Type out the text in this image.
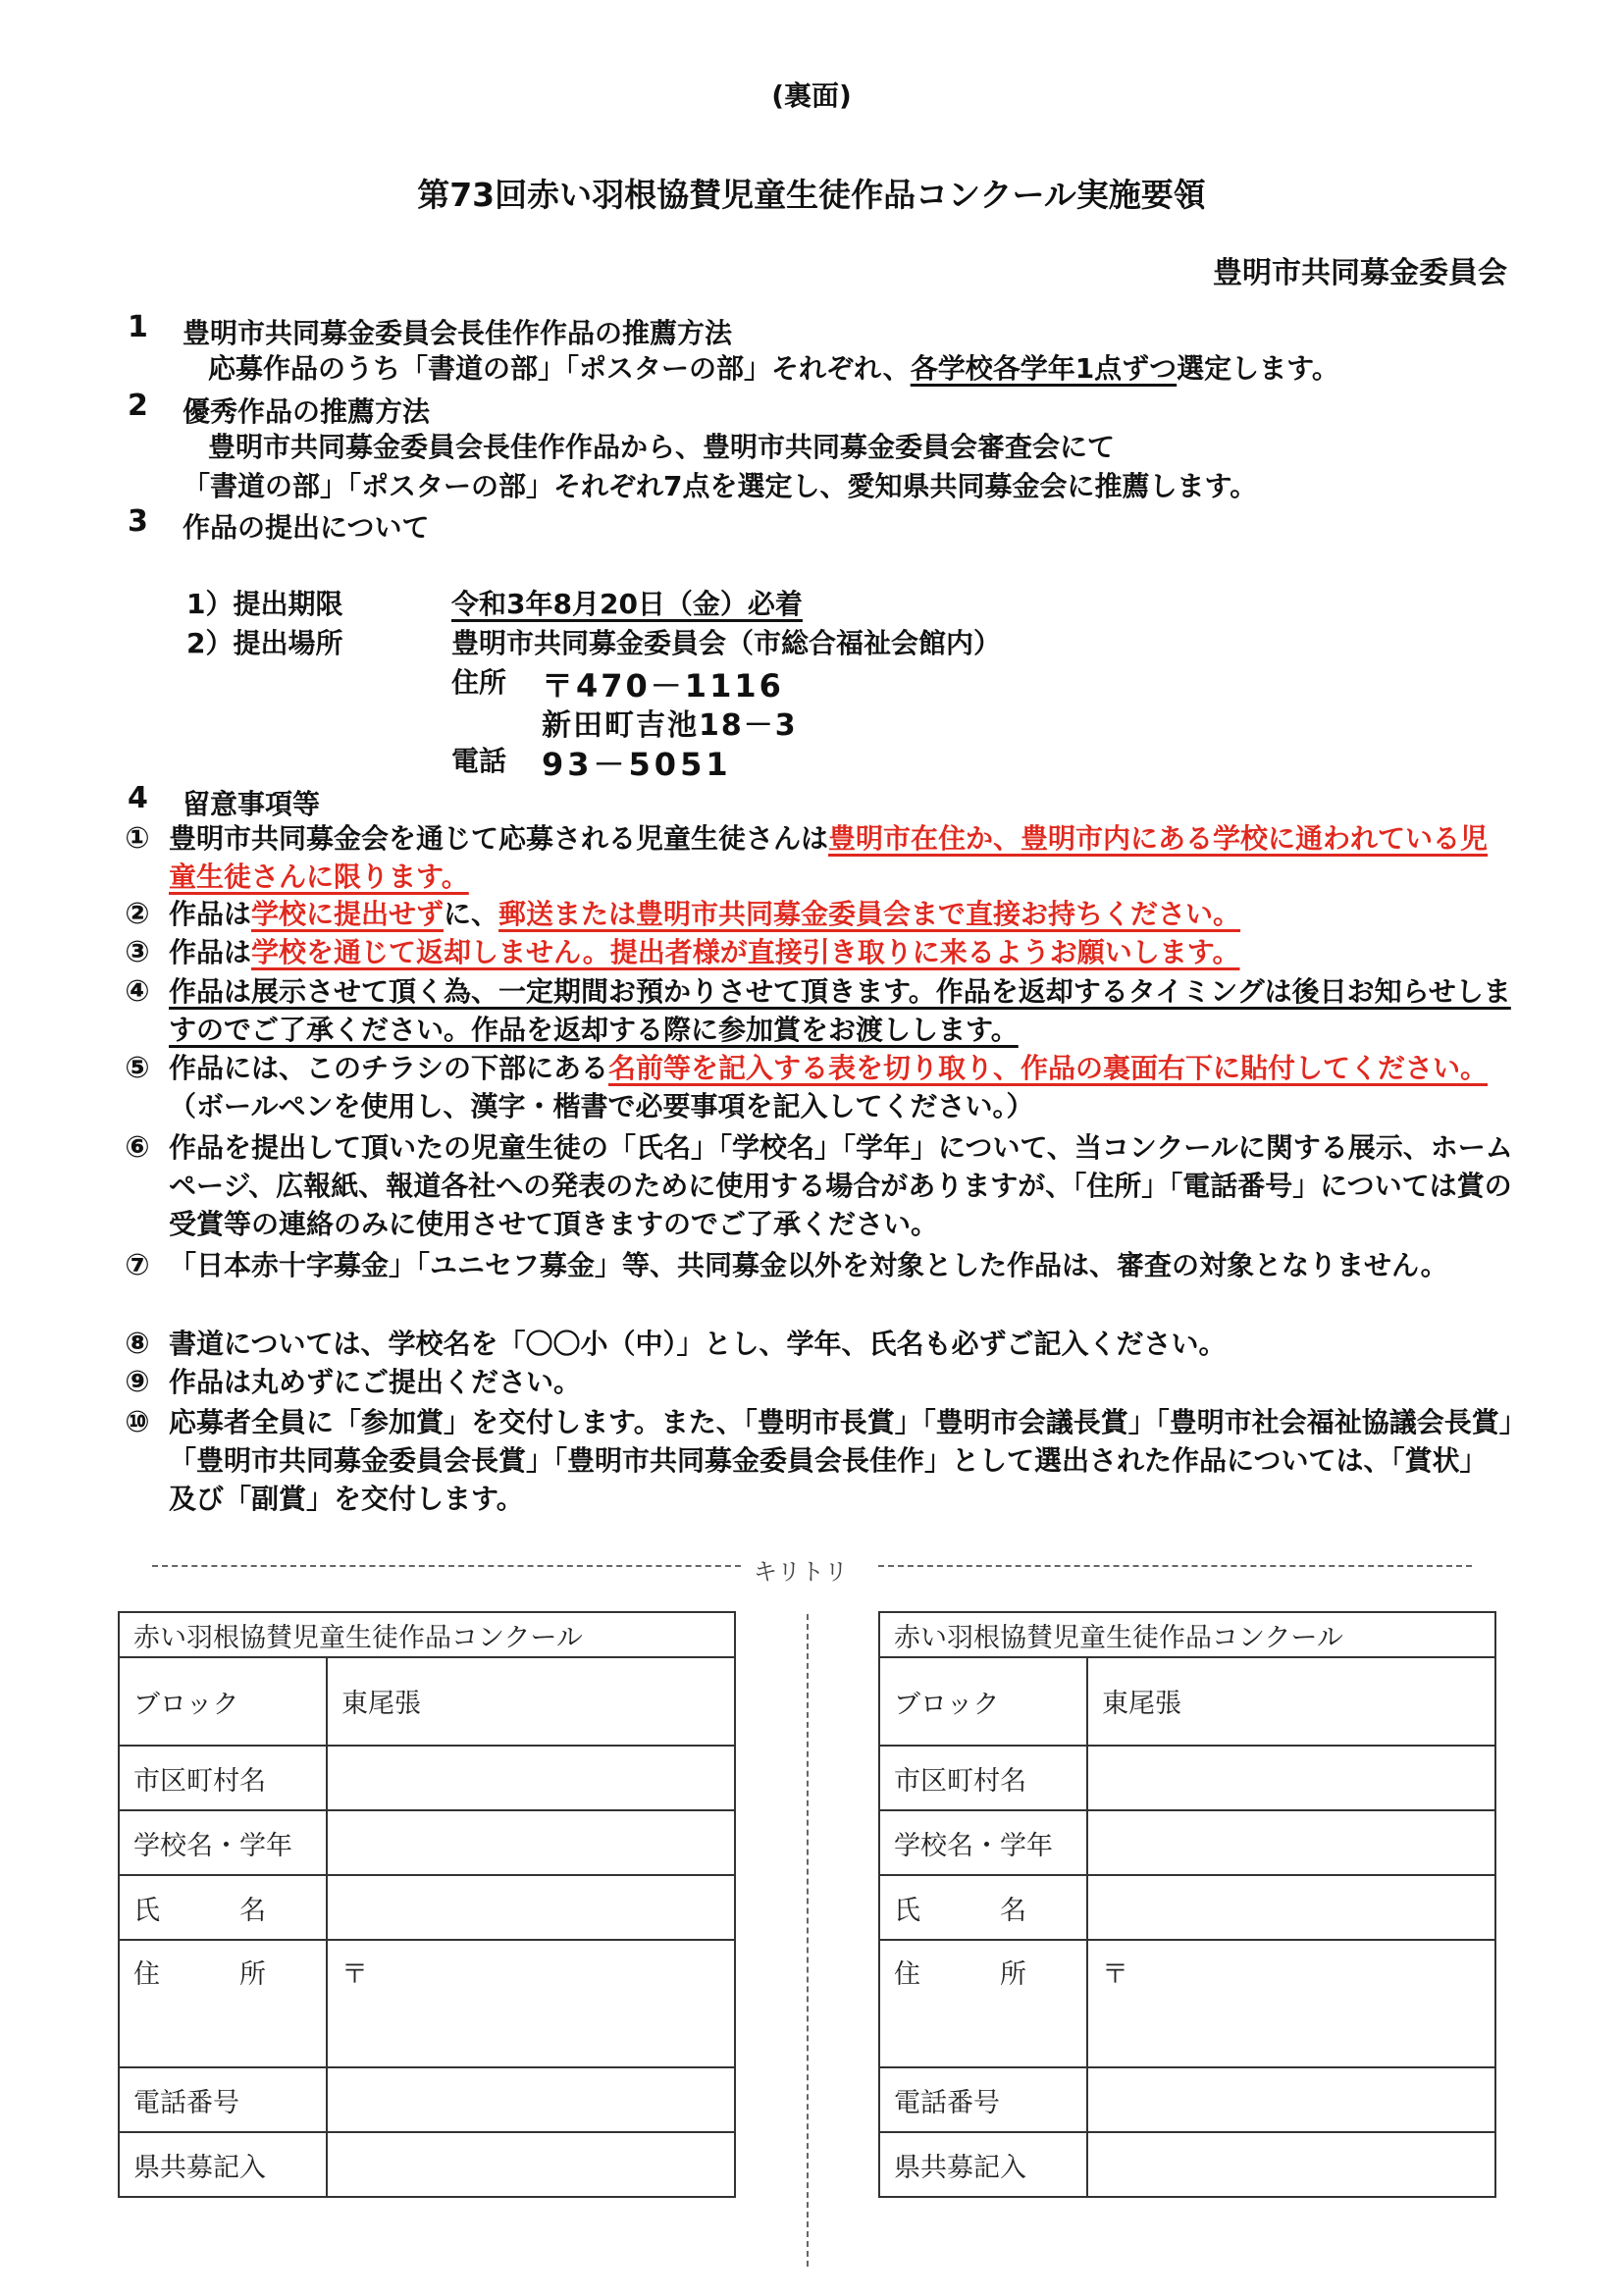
(裏面)
第73回赤い羽根協賛児童生徒作品コンクール実施要領
豊明市共同募金委員会
1 豊明市共同募金委員会長佳作作品の推薦方法
応募作品のうち「書道の部」「ポスターの部」それぞれ、各学校各学年1点ずつ選定します。
2 優秀作品の推薦方法
豊明市共同募金委員会長佳作作品から、豊明市共同募金委員会審査会にて
「書道の部」「ポスターの部」それぞれ7点を選定し、愛知県共同募金会に推薦します。
3 作品の提出について
1）提出期限	令和3年8月20日（金）必着
2）提出場所	豊明市共同募金委員会（市総合福祉会館内）
住所 〒470－1116
新田町吉池18－3
電話 93－5051
4 留意事項等
① 豊明市共同募金会を通じて応募される児童生徒さんは豊明市在住か、豊明市内にある学校に通われている児童生徒さんに限ります。
② 作品は学校に提出せずに、郵送または豊明市共同募金委員会まで直接お持ちください。
③ 作品は学校を通じて返却しません。提出者様が直接引き取りに来るようお願いします。
④ 作品は展示させて頂く為、一定期間お預かりさせて頂きます。作品を返却するタイミングは後日お知らせしますのでご了承ください。作品を返却する際に参加賞をお渡しします。
⑤ 作品には、このチラシの下部にある名前等を記入する表を切り取り、作品の裏面右下に貼付してください。（ボールペンを使用し、漢字・楷書で必要事項を記入してください。）
⑥ 作品を提出して頂いたの児童生徒の「氏名」「学校名」「学年」について、当コンクールに関する展示、ホームページ、広報紙、報道各社への発表のために使用する場合がありますが、「住所」「電話番号」については賞の受賞等の連絡のみに使用させて頂きますのでご了承ください。
⑦ 「日本赤十字募金」「ユニセフ募金」等、共同募金以外を対象とした作品は、審査の対象となりません。
⑧ 書道については、学校名を「〇〇小（中）」とし、学年、氏名も必ずご記入ください。
⑨ 作品は丸めずにご提出ください。
⑩ 応募者全員に「参加賞」を交付します。また、「豊明市長賞」「豊明市会議長賞」「豊明市社会福祉協議会長賞」「豊明市共同募金委員会長賞」「豊明市共同募金委員会長佳作」として選出された作品については、「賞状」及び「副賞」を交付します。
キリトリ
赤い羽根協賛児童生徒作品コンクール	
ブロック	東尾張
市区町村名	
学校名・学年	
氏　　　名	
住　　　所	〒
電話番号	
県共募記入	
赤い羽根協賛児童生徒作品コンクール	
ブロック	東尾張
市区町村名	
学校名・学年	
氏　　　名	
住　　　所	〒
電話番号	
県共募記入	
